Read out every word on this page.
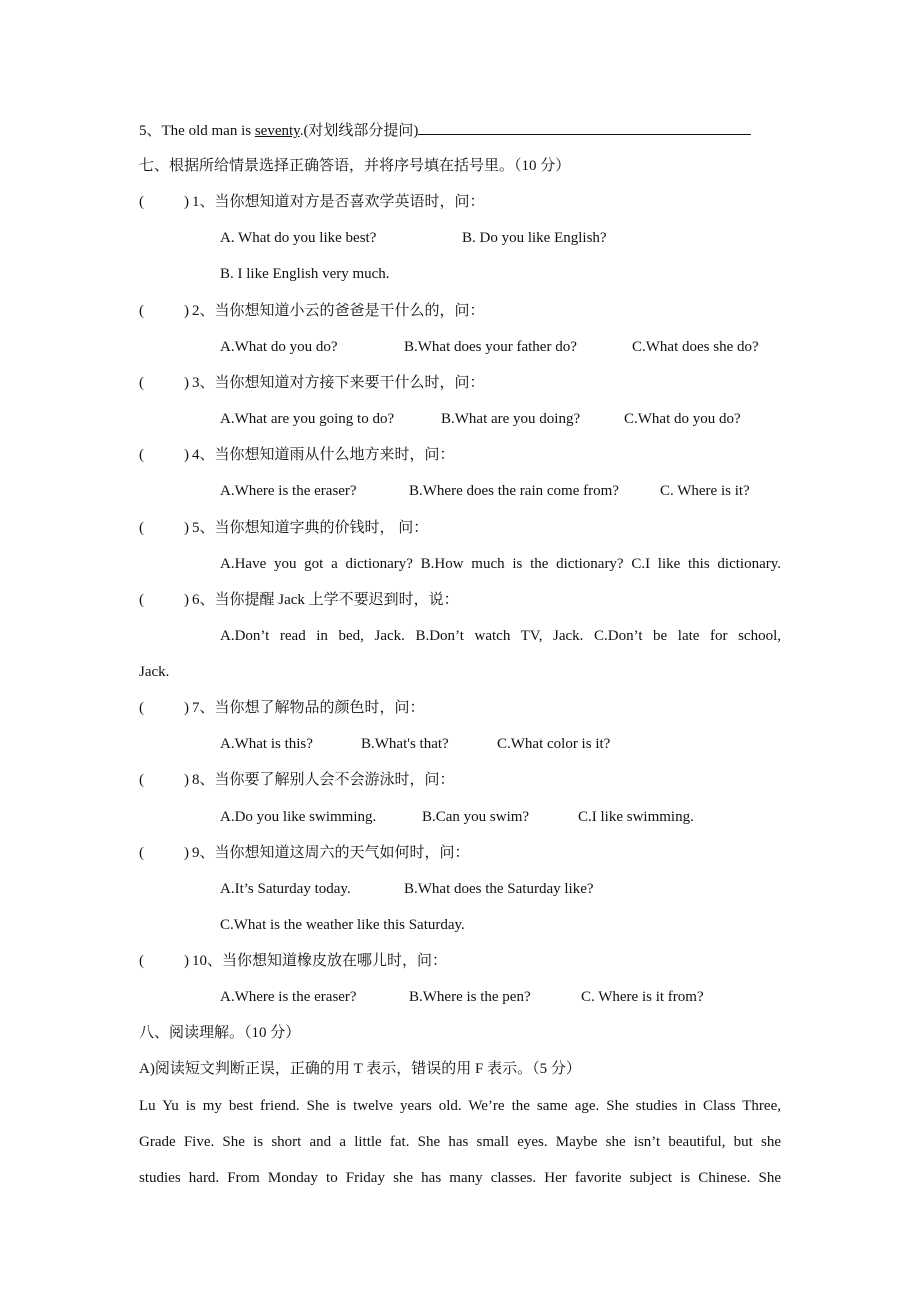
5、The old man is seventy.(对划线部分提问)
七、根据所给情景选择正确答语，并将序号填在括号里。（10 分）
(	) 1、当你想知道对方是否喜欢学英语时，问：
A. What do you like best?	B. Do you like English?
B. I like English very much.
(	) 2、当你想知道小云的爸爸是干什么的，问：
A.What do you do?	B.What does your father do?	C.What does she do?
(	) 3、当你想知道对方接下来要干什么时，问：
A.What are you going to do?	B.What are you doing?	C.What do you do?
(	) 4、当你想知道雨从什么地方来时，问：
A.Where is the eraser?	B.Where does the rain come from?	C. Where is it?
(	) 5、当你想知道字典的价钱时， 问：
A.Have you got a dictionary? B.How much is the dictionary? C.I like this dictionary.
(	) 6、当你提醒 Jack 上学不要迟到时，说：
A.Don’t read in bed, Jack. B.Don’t watch TV, Jack. C.Don’t be late for school,
Jack.
(	) 7、当你想了解物品的颜色时，问：
A.What is this?	B.What's that?	C.What color is it?
(	) 8、当你要了解别人会不会游泳时，问：
A.Do you like swimming.	B.Can you swim?	C.I like swimming.
(	) 9、当你想知道这周六的天气如何时，问：
A.It’s Saturday today.	B.What does the Saturday like?
C.What is the weather like this Saturday.
(	) 10、当你想知道橡皮放在哪儿时，问：
A.Where is the eraser?	B.Where is the pen?	C. Where is it from?
八、阅读理解。（10 分）
A)阅读短文判断正误，正确的用 T 表示，错误的用 F 表示。（5 分）
Lu Yu is my best friend. She is twelve years old. We’re the same age. She studies in Class Three,
Grade Five. She is short and a little fat. She has small eyes. Maybe she isn’t beautiful, but she
studies hard. From Monday to Friday she has many classes. Her favorite subject is Chinese. She
